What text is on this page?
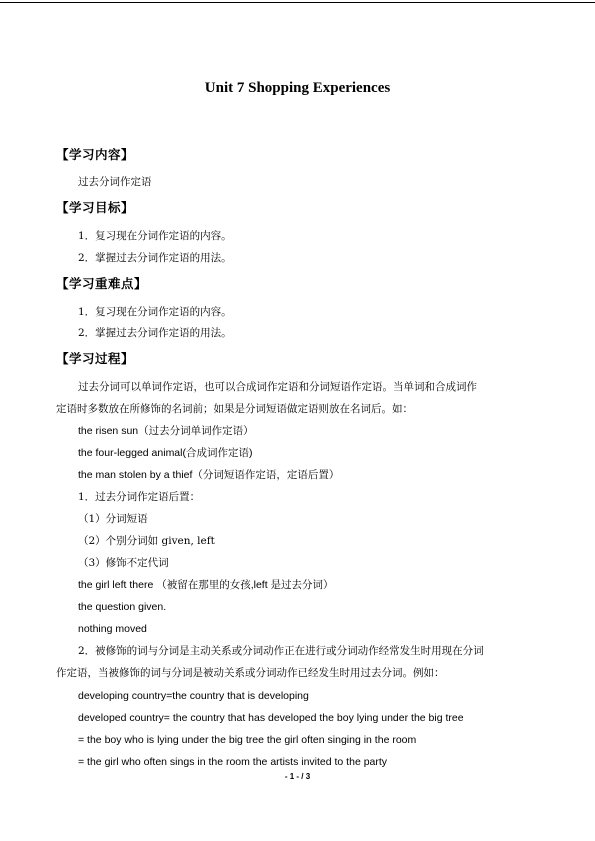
Unit 7 Shopping Experiences
【学习内容】
过去分词作定语
【学习目标】
1．复习现在分词作定语的内容。
2．掌握过去分词作定语的用法。
【学习重难点】
1．复习现在分词作定语的内容。
2．掌握过去分词作定语的用法。
【学习过程】
过去分词可以单词作定语，也可以合成词作定语和分词短语作定语。当单词和合成词作
定语时多数放在所修饰的名词前；如果是分词短语做定语则放在名词后。如：
the risen sun（过去分词单词作定语）
the four-legged animal(合成词作定语)
the man stolen by a thief（分词短语作定语，定语后置）
1．过去分词作定语后置：
（1）分词短语
（2）个别分词如 given, left
（3）修饰不定代词
the girl left there （被留在那里的女孩,left 是过去分词）
the question given.
nothing moved
2．被修饰的词与分词是主动关系或分词动作正在进行或分词动作经常发生时用现在分词
作定语，当被修饰的词与分词是被动关系或分词动作已经发生时用过去分词。例如：
developing country=the country that is developing
developed country= the country that has developed the boy lying under the big tree
= the boy who is lying under the big tree the girl often singing in the room
= the girl who often sings in the room the artists invited to the party
- 1 - / 3
